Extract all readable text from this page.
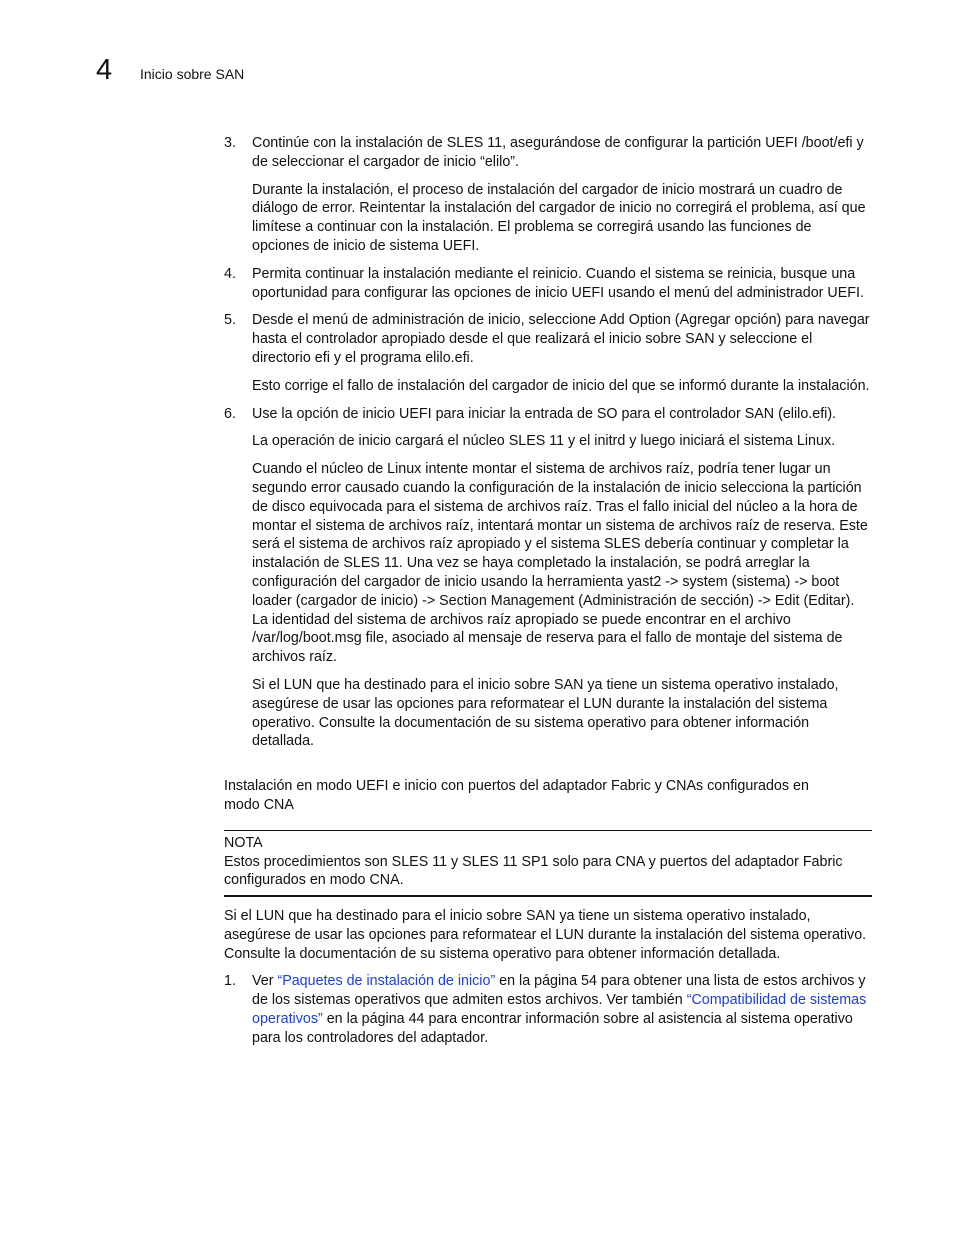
4 Inicio sobre SAN
3. Continúe con la instalación de SLES 11, asegurándose de configurar la partición UEFI /boot/efi y de seleccionar el cargador de inicio “elilo”.

Durante la instalación, el proceso de instalación del cargador de inicio mostrará un cuadro de diálogo de error. Reintentar la instalación del cargador de inicio no corregirá el problema, así que limítese a continuar con la instalación. El problema se corregirá usando las funciones de opciones de inicio de sistema UEFI.

4. Permita continuar la instalación mediante el reinicio. Cuando el sistema se reinicia, busque una oportunidad para configurar las opciones de inicio UEFI usando el menú del administrador UEFI.

5. Desde el menú de administración de inicio, seleccione Add Option (Agregar opción) para navegar hasta el controlador apropiado desde el que realizará el inicio sobre SAN y seleccione el directorio efi y el programa elilo.efi.

Esto corrige el fallo de instalación del cargador de inicio del que se informó durante la instalación.

6. Use la opción de inicio UEFI para iniciar la entrada de SO para el controlador SAN (elilo.efi).

La operación de inicio cargará el núcleo SLES 11 y el initrd y luego iniciará el sistema Linux.

Cuando el núcleo de Linux intente montar el sistema de archivos raíz, podría tener lugar un segundo error causado cuando la configuración de la instalación de inicio selecciona la partición de disco equivocada para el sistema de archivos raíz. Tras el fallo inicial del núcleo a la hora de montar el sistema de archivos raíz, intentará montar un sistema de archivos raíz de reserva. Este será el sistema de archivos raíz apropiado y el sistema SLES debería continuar y completar la instalación de SLES 11. Una vez se haya completado la instalación, se podrá arreglar la configuración del cargador de inicio usando la herramienta yast2 -> system (sistema) -> boot loader (cargador de inicio) -> Section Management (Administración de sección) -> Edit (Editar). La identidad del sistema de archivos raíz apropiado se puede encontrar en el archivo /var/log/boot.msg file, asociado al mensaje de reserva para el fallo de montaje del sistema de archivos raíz.

Si el LUN que ha destinado para el inicio sobre SAN ya tiene un sistema operativo instalado, asegúrese de usar las opciones para reformatear el LUN durante la instalación del sistema operativo. Consulte la documentación de su sistema operativo para obtener información detallada.

Instalación en modo UEFI e inicio con puertos del adaptador Fabric y CNAs configurados en modo CNA
NOTA
Estos procedimientos son SLES 11 y SLES 11 SP1 solo para CNA y puertos del adaptador Fabric configurados en modo CNA.

Si el LUN que ha destinado para el inicio sobre SAN ya tiene un sistema operativo instalado, asegúrese de usar las opciones para reformatear el LUN durante la instalación del sistema operativo. Consulte la documentación de su sistema operativo para obtener información detallada.

1. Ver “Paquetes de instalación de inicio” en la página 54 para obtener una lista de estos archivos y de los sistemas operativos que admiten estos archivos. Ver también “Compatibilidad de sistemas operativos” en la página 44 para encontrar información sobre al asistencia al sistema operativo para los controladores del adaptador.
